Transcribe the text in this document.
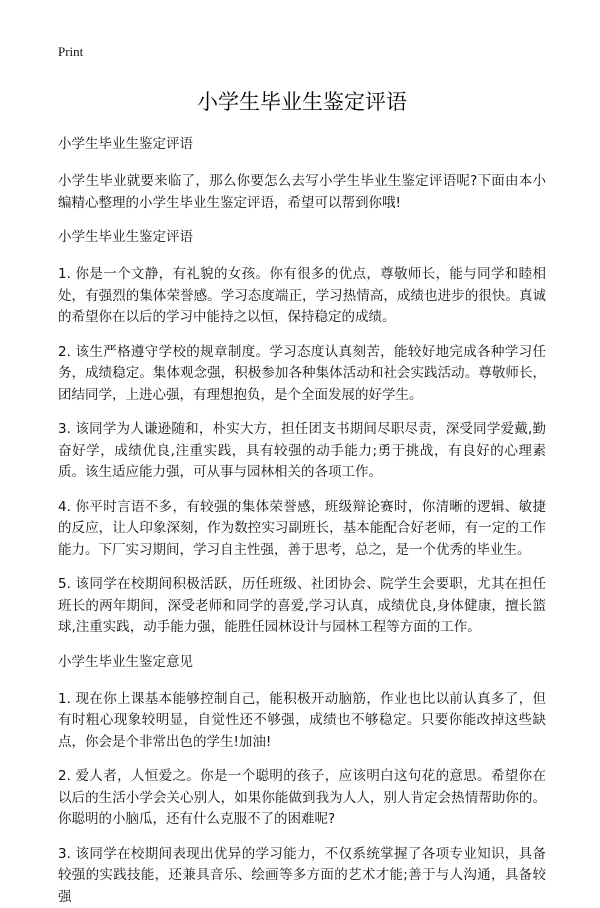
Print
小学生毕业生鉴定评语
小学生毕业生鉴定评语

小学生毕业就要来临了，那么你要怎么去写小学生毕业生鉴定评语呢?下面由本小编精心整理的小学生毕业生鉴定评语，希望可以帮到你哦!

小学生毕业生鉴定评语

1. 你是一个文静，有礼貌的女孩。你有很多的优点，尊敬师长，能与同学和睦相处，有强烈的集体荣誉感。学习态度端正，学习热情高，成绩也进步的很快。真诚的希望你在以后的学习中能持之以恒，保持稳定的成绩。

2. 该生严格遵守学校的规章制度。学习态度认真刻苦，能较好地完成各种学习任务，成绩稳定。集体观念强，积极参加各种集体活动和社会实践活动。尊敬师长，团结同学，上进心强，有理想抱负，是个全面发展的好学生。

3. 该同学为人谦逊随和，朴实大方，担任团支书期间尽职尽责，深受同学爱戴,勤奋好学，成绩优良,注重实践，具有较强的动手能力;勇于挑战，有良好的心理素质。该生适应能力强，可从事与园林相关的各项工作。

4. 你平时言语不多，有较强的集体荣誉感，班级辩论赛时，你清晰的逻辑、敏捷的反应，让人印象深刻，作为数控实习副班长，基本能配合好老师，有一定的工作能力。下厂实习期间，学习自主性强，善于思考，总之，是一个优秀的毕业生。

5. 该同学在校期间积极活跃，历任班级、社团协会、院学生会要职，尤其在担任班长的两年期间，深受老师和同学的喜爱,学习认真，成绩优良,身体健康，擅长篮球,注重实践，动手能力强，能胜任园林设计与园林工程等方面的工作。

小学生毕业生鉴定意见

1. 现在你上课基本能够控制自己，能积极开动脑筋，作业也比以前认真多了，但有时粗心现象较明显，自觉性还不够强，成绩也不够稳定。只要你能改掉这些缺点，你会是个非常出色的学生!加油!

2. 爱人者，人恒爱之。你是一个聪明的孩子，应该明白这句花的意思。希望你在以后的生活小学会关心别人，如果你能做到我为人人，别人肯定会热情帮助你的。你聪明的小脑瓜，还有什么克服不了的困难呢?

3. 该同学在校期间表现出优异的学习能力，不仅系统掌握了各项专业知识，具备较强的实践技能，还兼具音乐、绘画等多方面的艺术才能;善于与人沟通，具备较强
